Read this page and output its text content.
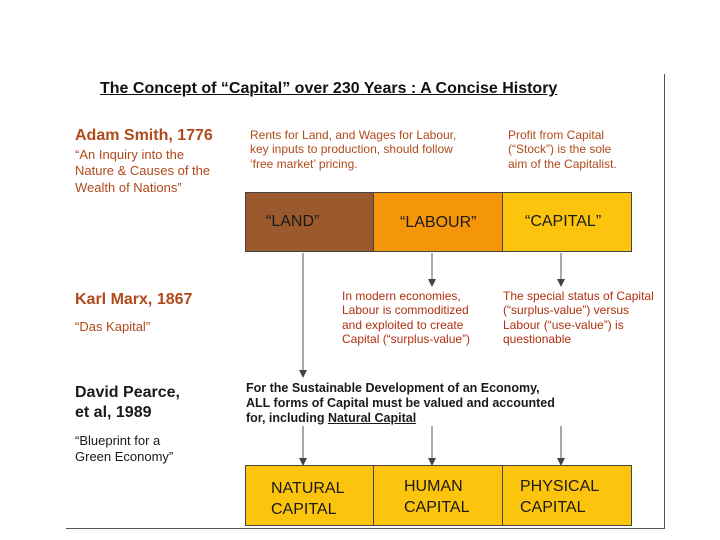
The Concept of “Capital” over 230 Years : A Concise History
Adam Smith, 1776
“An Inquiry into the
Nature & Causes of the
Wealth of Nations”
Rents for Land, and Wages for Labour,
key inputs to production, should follow
‘free market’ pricing.
Profit from Capital
(“Stock”) is the sole
aim of the Capitalist.
“LAND”	“LABOUR”	“CAPITAL”
Karl Marx, 1867
“Das Kapital”
In modern economies,
Labour is commoditized
and exploited to create
Capital (“surplus-value”)
The special status of Capital
(“surplus-value”) versus
Labour (“use-value”) is
questionable
David Pearce,
et al, 1989
“Blueprint for a
Green Economy”
For the Sustainable Development of an Economy,
ALL forms of Capital must be valued and accounted
for, including Natural Capital
NATURAL
CAPITAL
HUMAN
CAPITAL
PHYSICAL
CAPITAL
